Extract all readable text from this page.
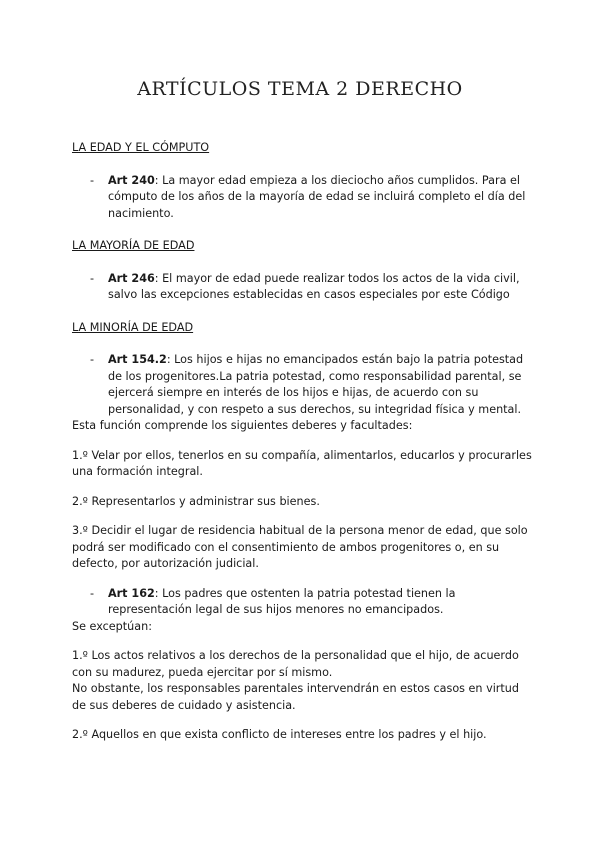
ARTÍCULOS TEMA 2 DERECHO

LA EDAD Y EL CÓMPUTO

- Art 240: La mayor edad empieza a los dieciocho años cumplidos. Para el cómputo de los años de la mayoría de edad se incluirá completo el día del nacimiento.

LA MAYORÍA DE EDAD

- Art 246: El mayor de edad puede realizar todos los actos de la vida civil, salvo las excepciones establecidas en casos especiales por este Código

LA MINORÍA DE EDAD

- Art 154.2: Los hijos e hijas no emancipados están bajo la patria potestad de los progenitores.La patria potestad, como responsabilidad parental, se ejercerá siempre en interés de los hijos e hijas, de acuerdo con su personalidad, y con respeto a sus derechos, su integridad física y mental.

Esta función comprende los siguientes deberes y facultades:

1.º Velar por ellos, tenerlos en su compañía, alimentarlos, educarlos y procurarles una formación integral.

2.º Representarlos y administrar sus bienes.

3.º Decidir el lugar de residencia habitual de la persona menor de edad, que solo podrá ser modificado con el consentimiento de ambos progenitores o, en su defecto, por autorización judicial.

- Art 162: Los padres que ostenten la patria potestad tienen la representación legal de sus hijos menores no emancipados.

Se exceptúan:

1.º Los actos relativos a los derechos de la personalidad que el hijo, de acuerdo con su madurez, pueda ejercitar por sí mismo.

No obstante, los responsables parentales intervendrán en estos casos en virtud de sus deberes de cuidado y asistencia.

2.º Aquellos en que exista conflicto de intereses entre los padres y el hijo.
